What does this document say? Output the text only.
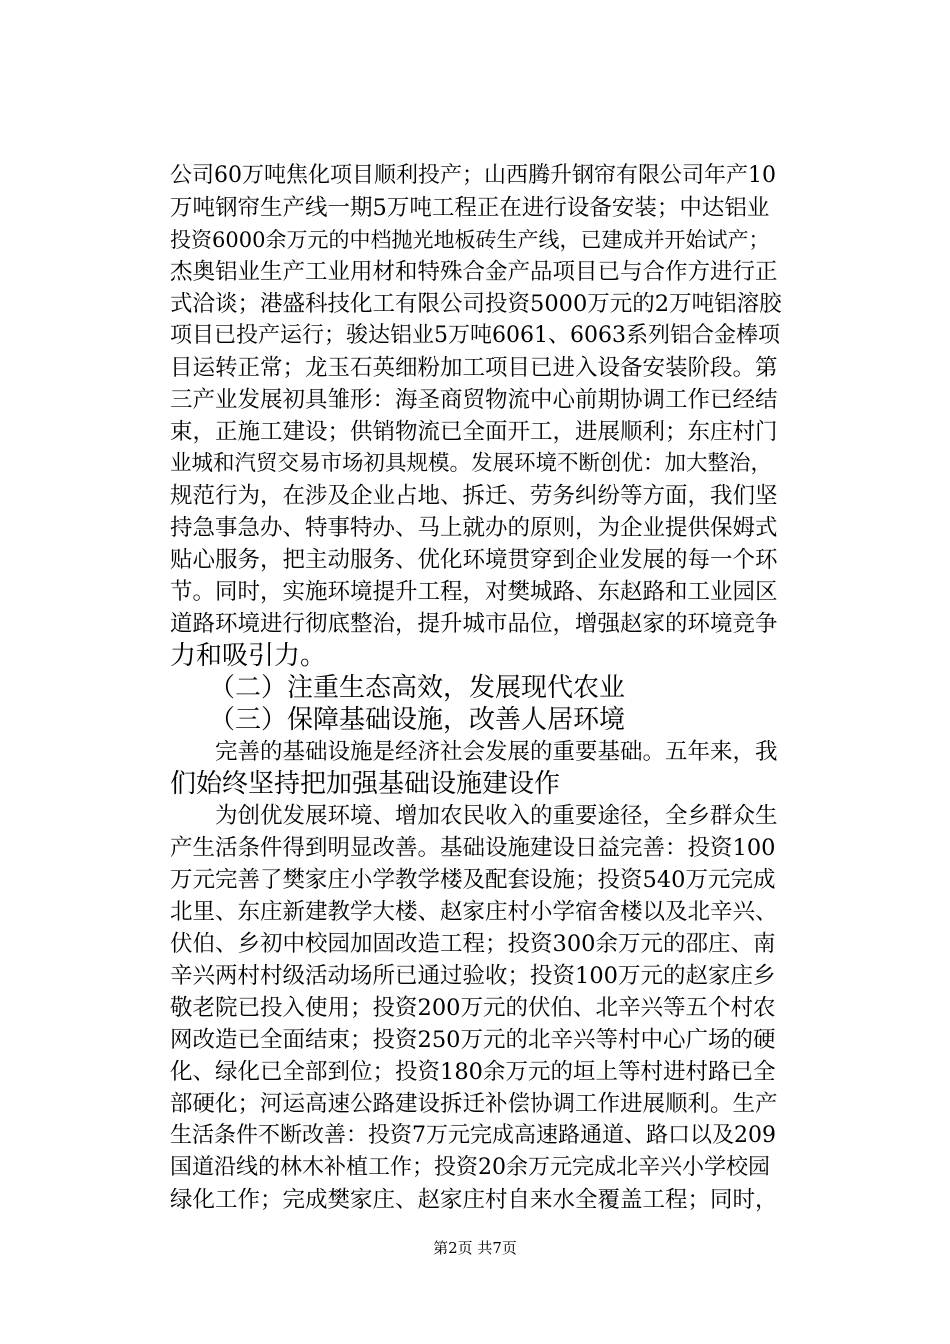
公司60万吨焦化项目顺利投产；山西腾升钢帘有限公司年产10
万吨钢帘生产线一期5万吨工程正在进行设备安装；中达铝业
投资6000余万元的中档抛光地板砖生产线，已建成并开始试产；
杰奥铝业生产工业用材和特殊合金产品项目已与合作方进行正
式洽谈；港盛科技化工有限公司投资5000万元的2万吨铝溶胶
项目已投产运行；骏达铝业5万吨6061、6063系列铝合金棒项
目运转正常；龙玉石英细粉加工项目已进入设备安装阶段。第
三产业发展初具雏形：海圣商贸物流中心前期协调工作已经结
束，正施工建设；供销物流已全面开工，进展顺利；东庄村门
业城和汽贸交易市场初具规模。发展环境不断创优：加大整治，
规范行为，在涉及企业占地、拆迁、劳务纠纷等方面，我们坚
持急事急办、特事特办、马上就办的原则，为企业提供保姆式
贴心服务，把主动服务、优化环境贯穿到企业发展的每一个环
节。同时，实施环境提升工程，对樊城路、东赵路和工业园区
道路环境进行彻底整治，提升城市品位，增强赵家的环境竞争
力和吸引力。
　　（二）注重生态高效，发展现代农业
　　（三）保障基础设施，改善人居环境
　　完善的基础设施是经济社会发展的重要基础。五年来，我
们始终坚持把加强基础设施建设作
　　为创优发展环境、增加农民收入的重要途径，全乡群众生
产生活条件得到明显改善。基础设施建设日益完善：投资100
万元完善了樊家庄小学教学楼及配套设施；投资540万元完成
北里、东庄新建教学大楼、赵家庄村小学宿舍楼以及北辛兴、
伏伯、乡初中校园加固改造工程；投资300余万元的邵庄、南
辛兴两村村级活动场所已通过验收；投资100万元的赵家庄乡
敬老院已投入使用；投资200万元的伏伯、北辛兴等五个村农
网改造已全面结束；投资250万元的北辛兴等村中心广场的硬
化、绿化已全部到位；投资180余万元的垣上等村进村路已全
部硬化；河运高速公路建设拆迁补偿协调工作进展顺利。生产
生活条件不断改善：投资7万元完成高速路通道、路口以及209
国道沿线的林木补植工作；投资20余万元完成北辛兴小学校园
绿化工作；完成樊家庄、赵家庄村自来水全覆盖工程；同时，
第2页 共7页
